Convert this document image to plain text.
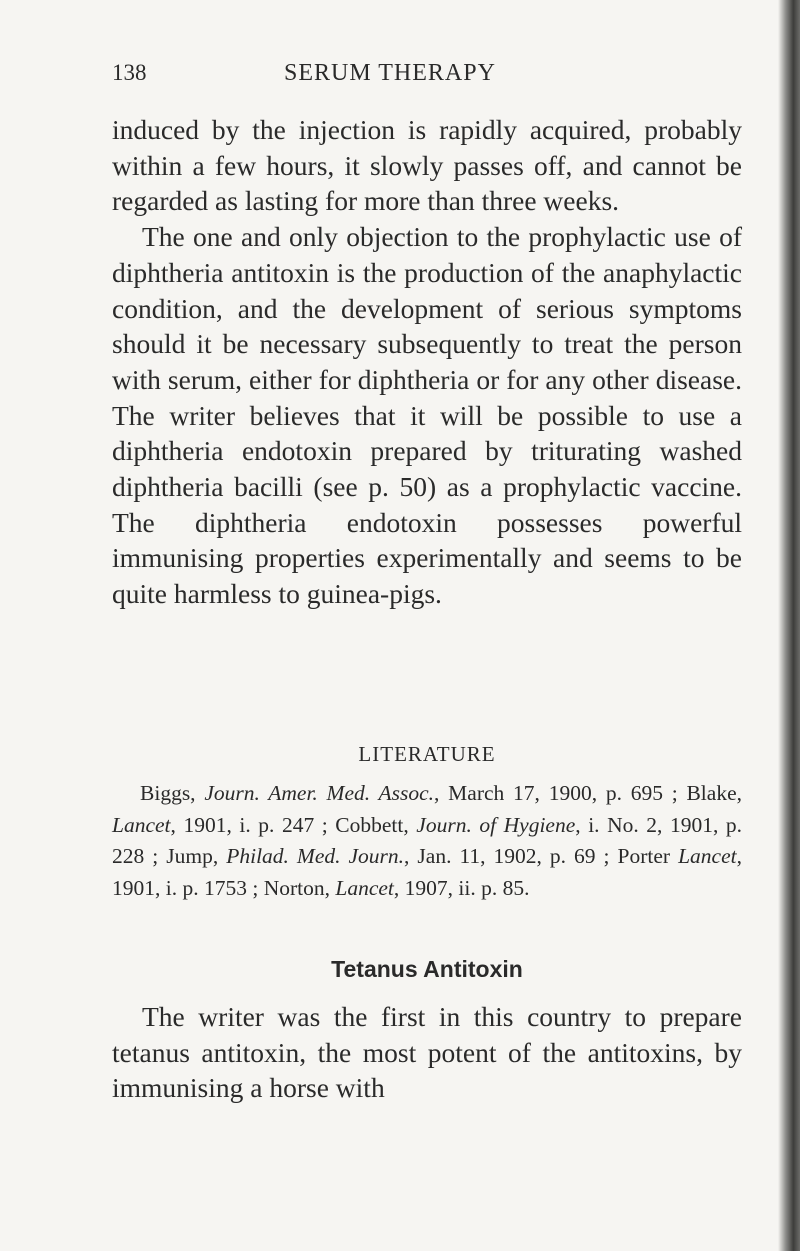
138	SERUM THERAPY

induced by the injection is rapidly acquired, probably within a few hours, it slowly passes off, and cannot be regarded as lasting for more than three weeks.

The one and only objection to the prophylactic use of diphtheria antitoxin is the production of the anaphylactic condition, and the development of serious symptoms should it be necessary subsequently to treat the person with serum, either for diphtheria or for any other disease. The writer believes that it will be possible to use a diphtheria endotoxin prepared by triturating washed diphtheria bacilli (see p. 50) as a prophylactic vaccine. The diphtheria endotoxin possesses powerful immunising properties experimentally and seems to be quite harmless to guinea-pigs.

LITERATURE

Biggs, Journ. Amer. Med. Assoc., March 17, 1900, p. 695 ; Blake, Lancet, 1901, i. p. 247 ; Cobbett, Journ. of Hygiene, i. No. 2, 1901, p. 228 ; Jump, Philad. Med. Journ., Jan. 11, 1902, p. 69 ; Porter Lancet, 1901, i. p. 1753 ; Norton, Lancet, 1907, ii. p. 85.

Tetanus Antitoxin

The writer was the first in this country to prepare tetanus antitoxin, the most potent of the antitoxins, by immunising a horse with
